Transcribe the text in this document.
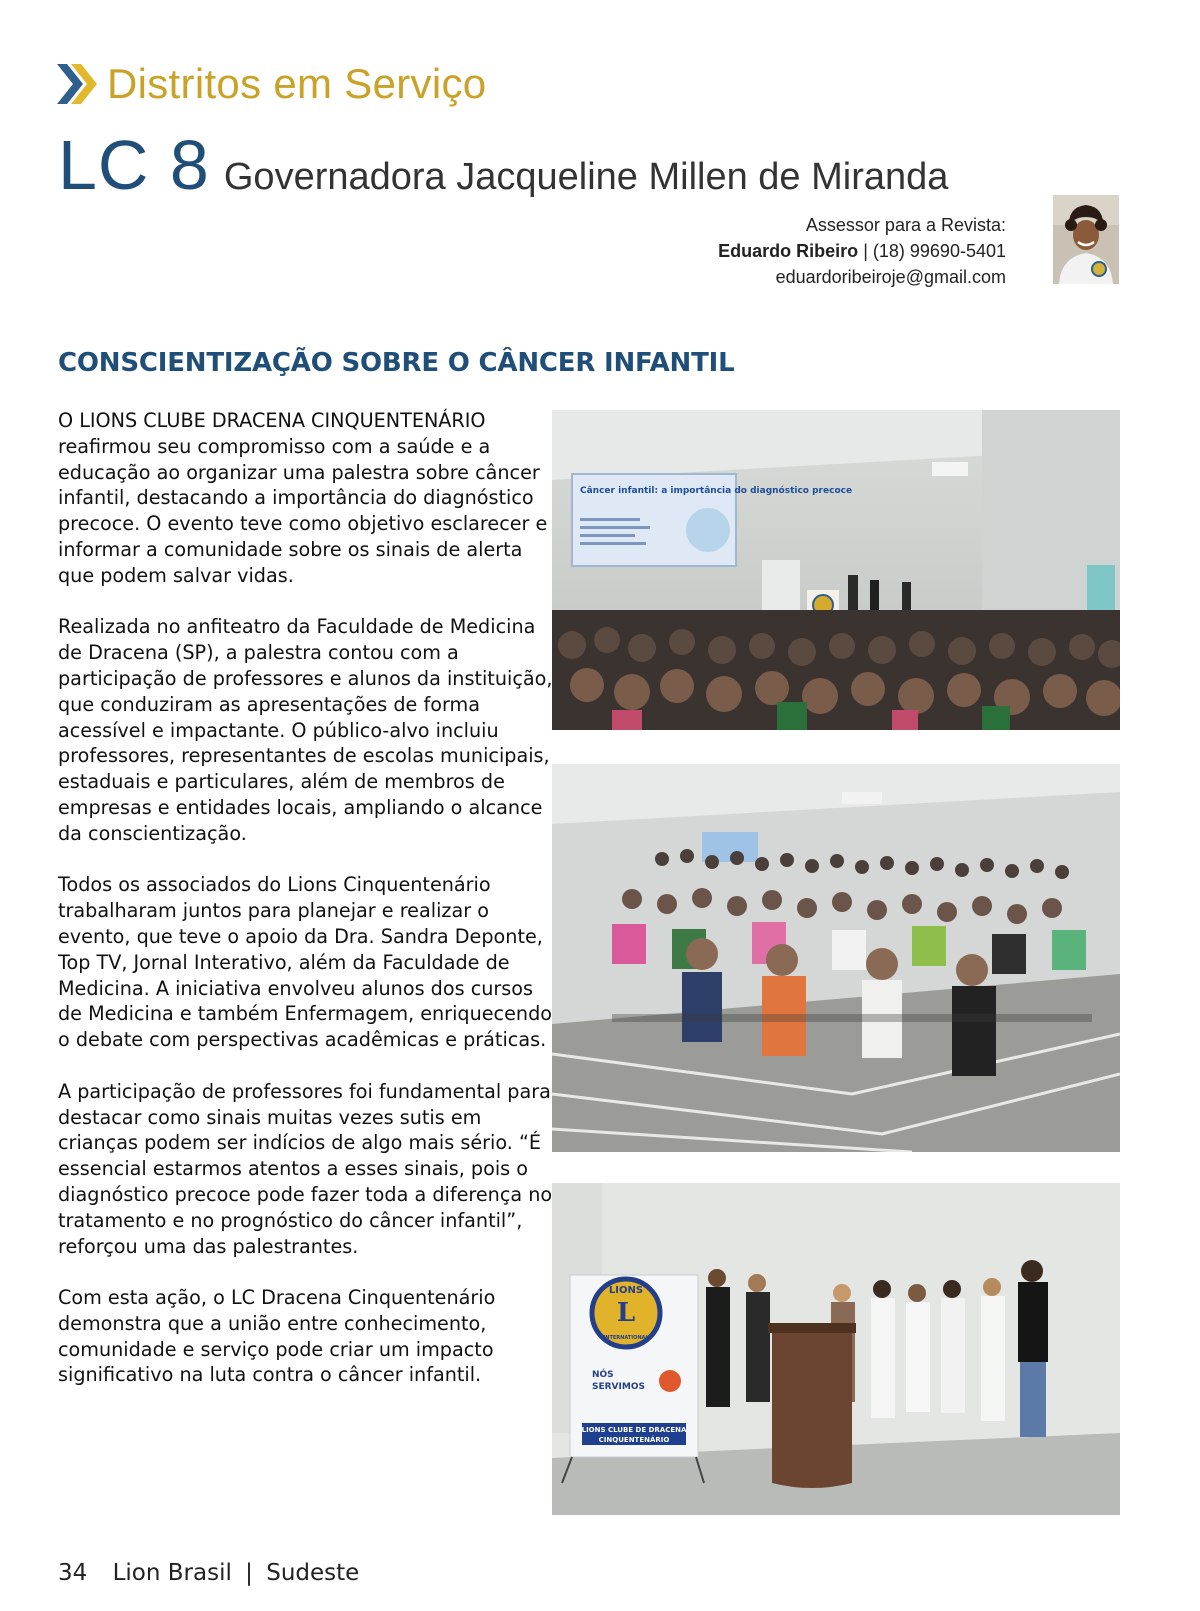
Distritos em Serviço
LC 8 Governadora Jacqueline Millen de Miranda
Assessor para a Revista:
Eduardo Ribeiro | (18) 99690-5401
eduardoribeiroje@gmail.com
CONSCIENTIZAÇÃO SOBRE O CÂNCER INFANTIL

O LIONS CLUBE DRACENA CINQUENTENÁRIO reafirmou seu compromisso com a saúde e a educação ao organizar uma palestra sobre câncer infantil, destacando a importância do diagnóstico precoce. O evento teve como objetivo esclarecer e informar a comunidade sobre os sinais de alerta que podem salvar vidas.

Realizada no anfiteatro da Faculdade de Medicina de Dracena (SP), a palestra contou com a participação de professores e alunos da instituição, que conduziram as apresentações de forma acessível e impactante. O público-alvo incluiu professores, representantes de escolas municipais, estaduais e particulares, além de membros de empresas e entidades locais, ampliando o alcance da conscientização.

Todos os associados do Lions Cinquentenário trabalharam juntos para planejar e realizar o evento, que teve o apoio da Dra. Sandra Deponte, Top TV, Jornal Interativo, além da Faculdade de Medicina. A iniciativa envolveu alunos dos cursos de Medicina e também Enfermagem, enriquecendo o debate com perspectivas acadêmicas e práticas.

A participação de professores foi fundamental para destacar como sinais muitas vezes sutis em crianças podem ser indícios de algo mais sério. “É essencial estarmos atentos a esses sinais, pois o diagnóstico precoce pode fazer toda a diferença no tratamento e no prognóstico do câncer infantil”, reforçou uma das palestrantes.

Com esta ação, o LC Dracena Cinquentenário demonstra que a união entre conhecimento, comunidade e serviço pode criar um impacto significativo na luta contra o câncer infantil.

Câncer infantil: a importância do diagnóstico precoce
LIONS
L
INTERNATIONAL
NÓS
SERVIMOS
LIONS CLUBE DE DRACENA
CINQUENTENÁRIO
34 Lion Brasil | Sudeste
